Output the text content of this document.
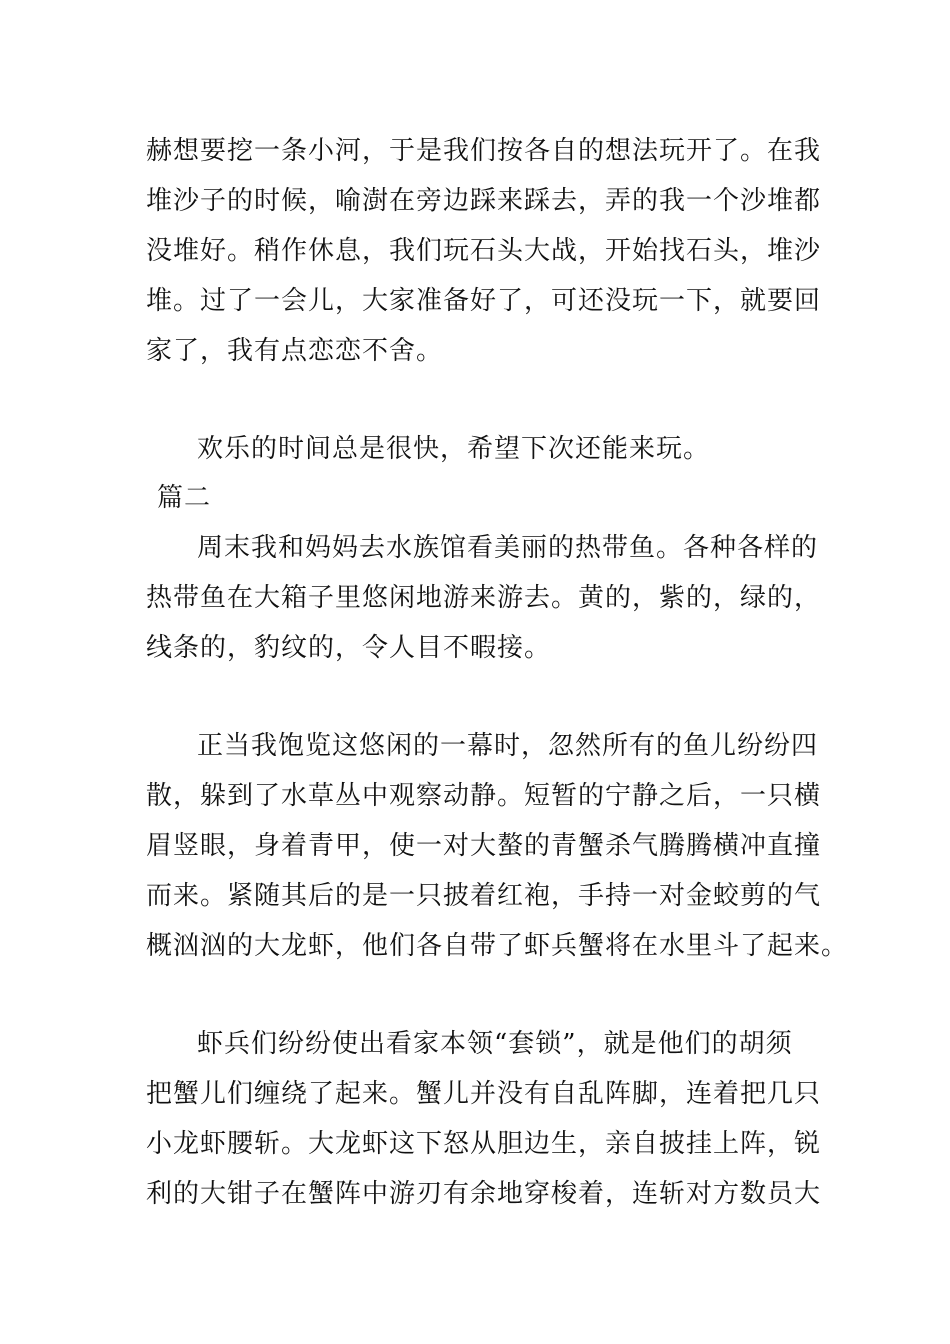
赫想要挖一条小河，于是我们按各自的想法玩开了。在我
堆沙子的时候，喻澍在旁边踩来踩去，弄的我一个沙堆都
没堆好。稍作休息，我们玩石头大战，开始找石头，堆沙
堆。过了一会儿，大家准备好了，可还没玩一下，就要回
家了，我有点恋恋不舍。
欢乐的时间总是很快，希望下次还能来玩。
篇二
周末我和妈妈去水族馆看美丽的热带鱼。各种各样的
热带鱼在大箱子里悠闲地游来游去。黄的，紫的，绿的，
线条的，豹纹的，令人目不暇接。
正当我饱览这悠闲的一幕时，忽然所有的鱼儿纷纷四
散，躲到了水草丛中观察动静。短暂的宁静之后，一只横
眉竖眼，身着青甲，使一对大螯的青蟹杀气腾腾横冲直撞
而来。紧随其后的是一只披着红袍，手持一对金蛟剪的气
概汹汹的大龙虾，他们各自带了虾兵蟹将在水里斗了起来。
虾兵们纷纷使出看家本领“套锁”，就是他们的胡须
把蟹儿们缠绕了起来。蟹儿并没有自乱阵脚，连着把几只
小龙虾腰斩。大龙虾这下怒从胆边生，亲自披挂上阵，锐
利的大钳子在蟹阵中游刃有余地穿梭着，连斩对方数员大
